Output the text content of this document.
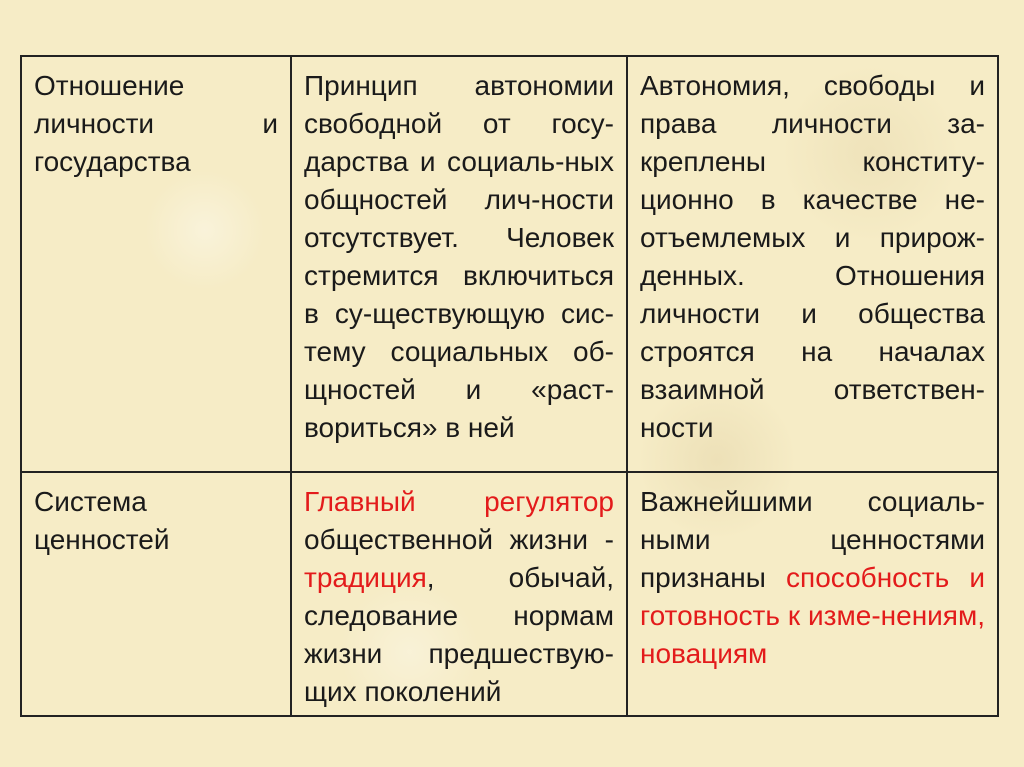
Отношение личности и государства	Принцип автономии свободной от госу-дарства и социаль-ных общностей лич-ности отсутствует. Человек стремится включиться в су-ществующую сис-тему социальных об-щностей и «раст-вориться» в ней	Автономия, свободы и права личности за-креплены конститу-ционно в качестве не-отъемлемых и прирож-денных. Отношения личности и общества строятся на началах взаимной ответствен-ности
Система ценностей	Главный регулятор общественной жизни - традиция, обычай, следование нормам жизни предшествую-щих поколений	Важнейшими социаль-ными ценностями признаны способность и готовность к изме-нениям, новациям
